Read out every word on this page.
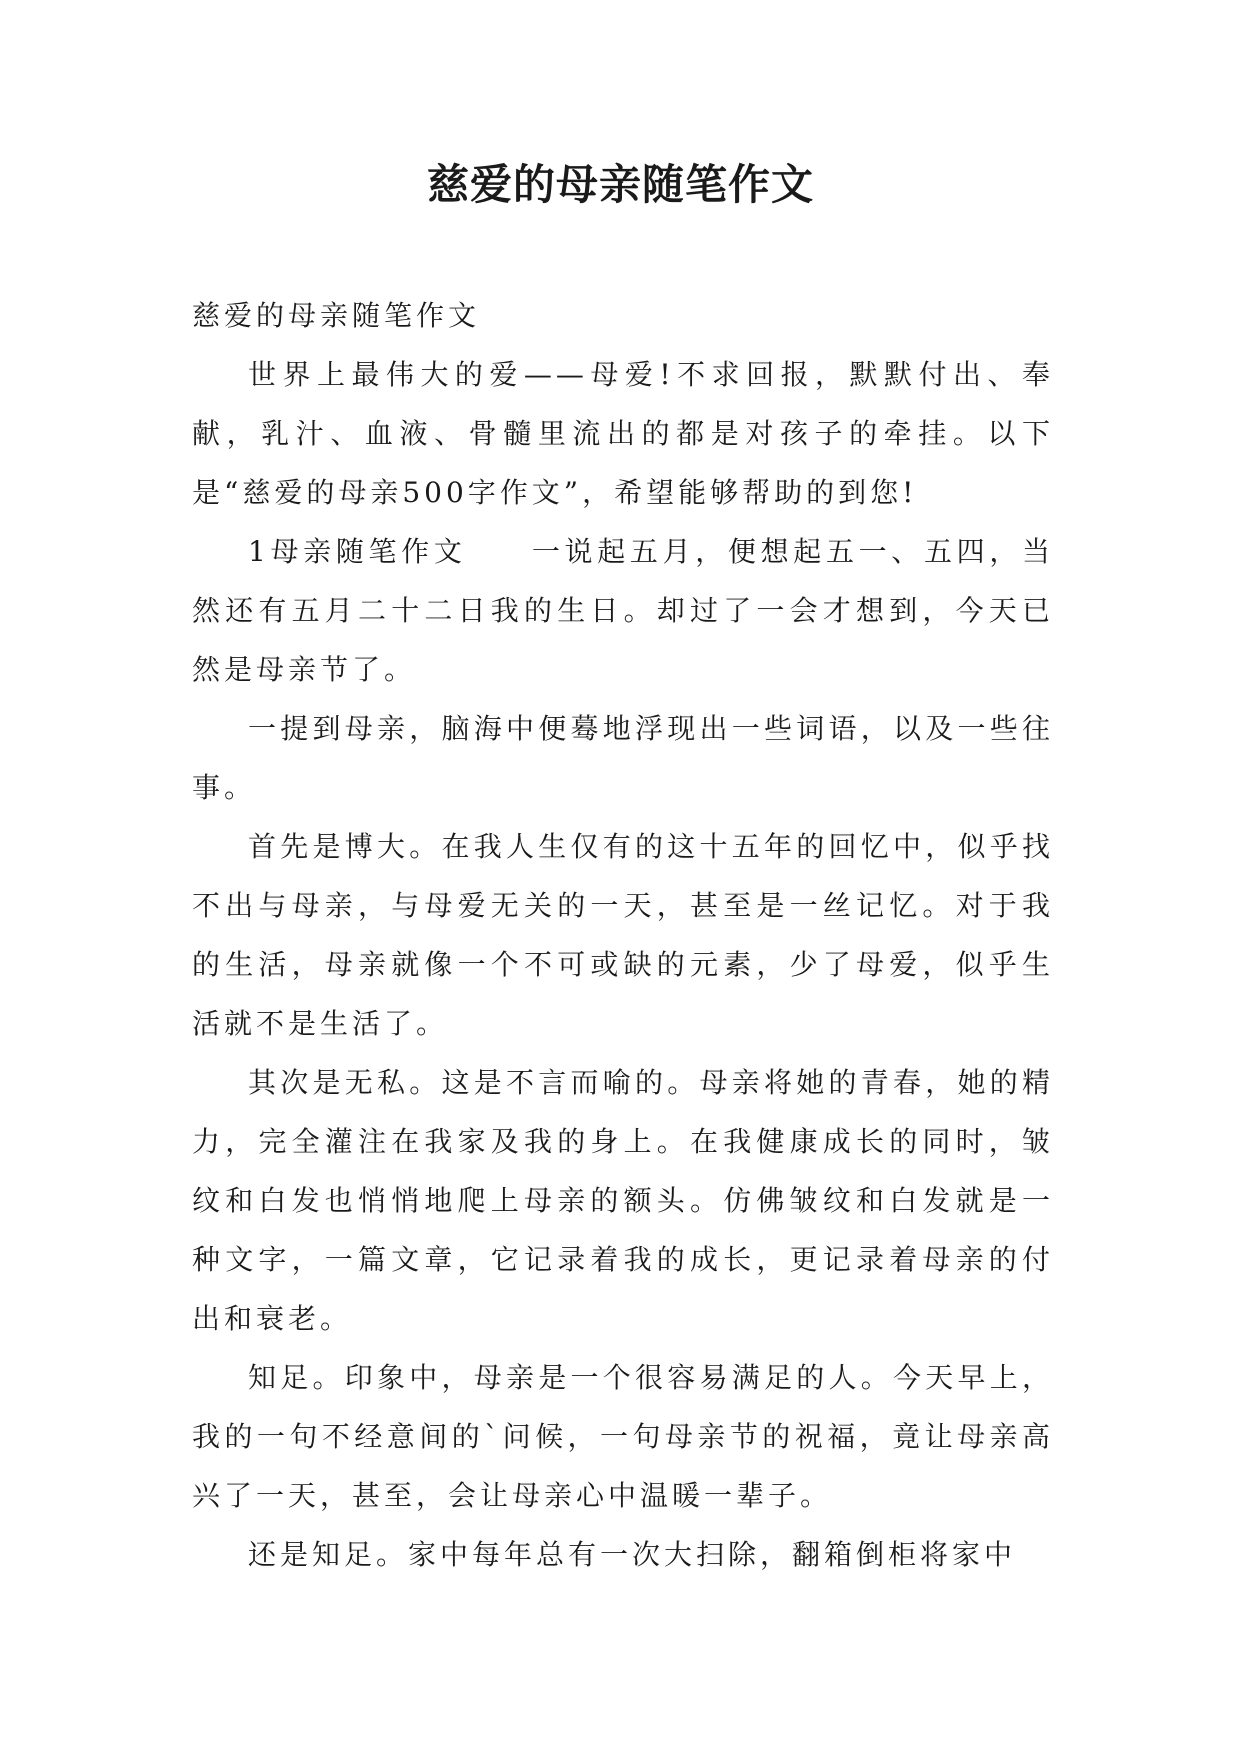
慈爱的母亲随笔作文

慈爱的母亲随笔作文

世界上最伟大的爱——母爱!不求回报，默默付出、奉献，乳汁、血液、骨髓里流出的都是对孩子的牵挂。以下是“慈爱的母亲500字作文”，希望能够帮助的到您!

1母亲随笔作文　　一说起五月，便想起五一、五四，当然还有五月二十二日我的生日。却过了一会才想到，今天已然是母亲节了。

一提到母亲，脑海中便蓦地浮现出一些词语，以及一些往事。

首先是博大。在我人生仅有的这十五年的回忆中，似乎找不出与母亲，与母爱无关的一天，甚至是一丝记忆。对于我的生活，母亲就像一个不可或缺的元素，少了母爱，似乎生活就不是生活了。

其次是无私。这是不言而喻的。母亲将她的青春，她的精力，完全灌注在我家及我的身上。在我健康成长的同时，皱纹和白发也悄悄地爬上母亲的额头。仿佛皱纹和白发就是一种文字，一篇文章，它记录着我的成长，更记录着母亲的付出和衰老。

知足。印象中，母亲是一个很容易满足的人。今天早上，我的一句不经意间的`问候，一句母亲节的祝福，竟让母亲高兴了一天，甚至，会让母亲心中温暖一辈子。

还是知足。家中每年总有一次大扫除，翻箱倒柜将家中
